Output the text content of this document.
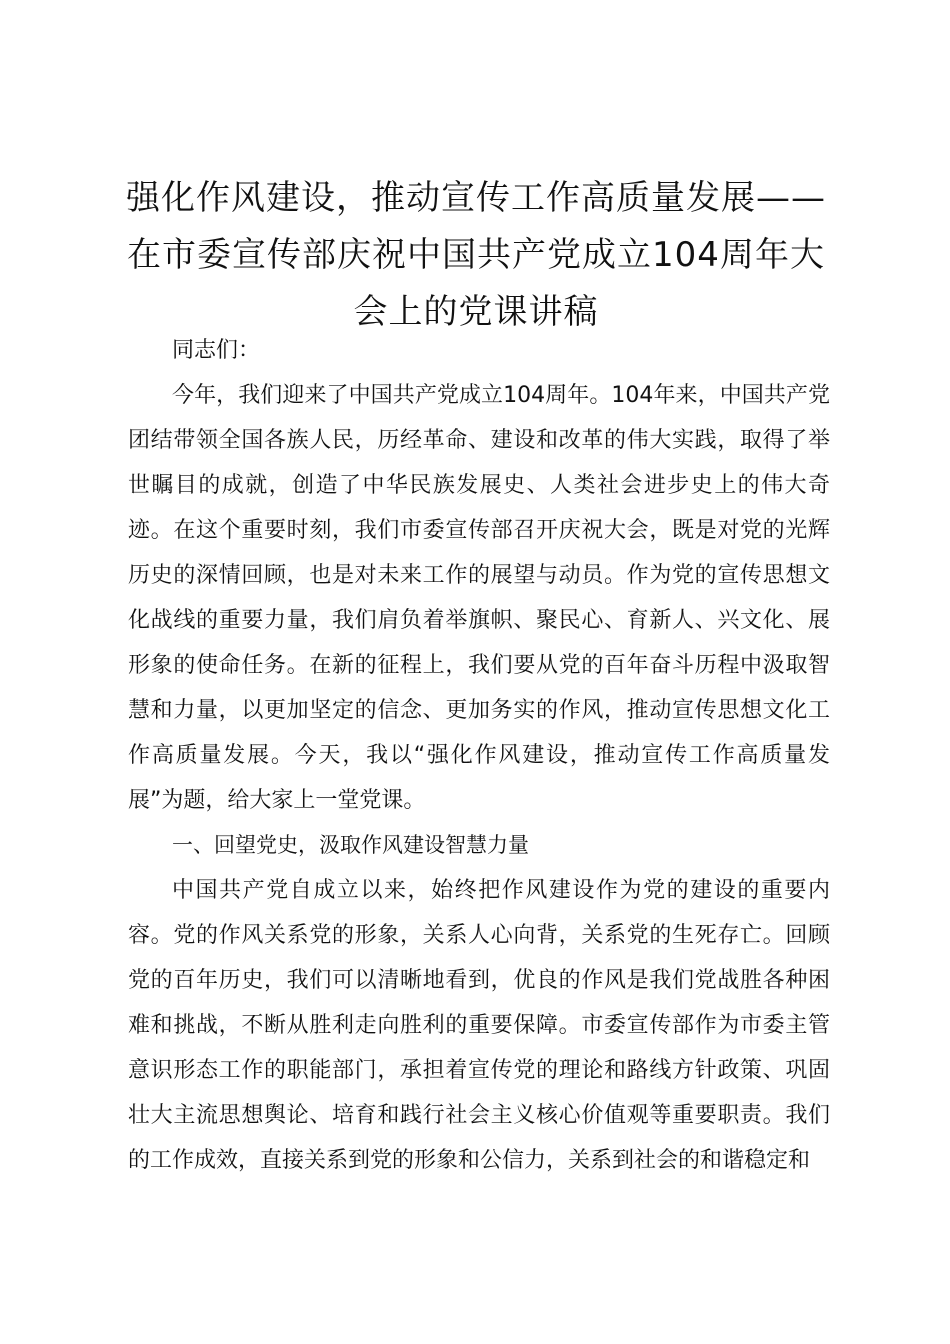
强化作风建设，推动宣传工作高质量发展——在市委宣传部庆祝中国共产党成立104周年大会上的党课讲稿

同志们：

今年，我们迎来了中国共产党成立104周年。104年来，中国共产党团结带领全国各族人民，历经革命、建设和改革的伟大实践，取得了举世瞩目的成就，创造了中华民族发展史、人类社会进步史上的伟大奇迹。在这个重要时刻，我们市委宣传部召开庆祝大会，既是对党的光辉历史的深情回顾，也是对未来工作的展望与动员。作为党的宣传思想文化战线的重要力量，我们肩负着举旗帜、聚民心、育新人、兴文化、展形象的使命任务。在新的征程上，我们要从党的百年奋斗历程中汲取智慧和力量，以更加坚定的信念、更加务实的作风，推动宣传思想文化工作高质量发展。今天，我以“强化作风建设，推动宣传工作高质量发展”为题，给大家上一堂党课。

一、回望党史，汲取作风建设智慧力量

中国共产党自成立以来，始终把作风建设作为党的建设的重要内容。党的作风关系党的形象，关系人心向背，关系党的生死存亡。回顾党的百年历史，我们可以清晰地看到，优良的作风是我们党战胜各种困难和挑战，不断从胜利走向胜利的重要保障。市委宣传部作为市委主管意识形态工作的职能部门，承担着宣传党的理论和路线方针政策、巩固壮大主流思想舆论、培育和践行社会主义核心价值观等重要职责。我们的工作成效，直接关系到党的形象和公信力，关系到社会的和谐稳定和
